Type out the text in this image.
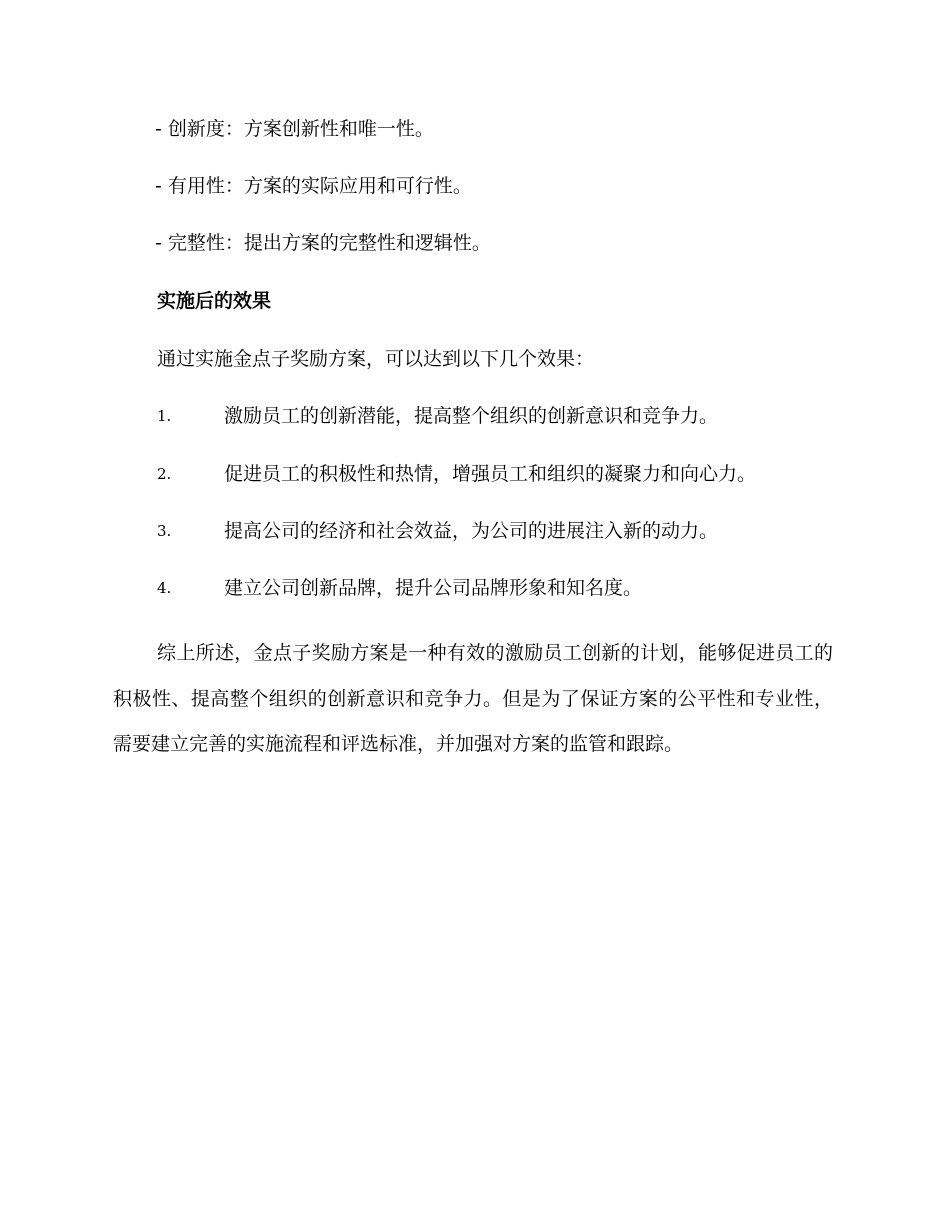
- 创新度：方案创新性和唯一性。
- 有用性：方案的实际应用和可行性。
- 完整性：提出方案的完整性和逻辑性。
实施后的效果
通过实施金点子奖励方案，可以达到以下几个效果：
1.	激励员工的创新潜能，提高整个组织的创新意识和竞争力。
2.	促进员工的积极性和热情，增强员工和组织的凝聚力和向心力。
3.	提高公司的经济和社会效益，为公司的进展注入新的动力。
4.	建立公司创新品牌，提升公司品牌形象和知名度。

综上所述，金点子奖励方案是一种有效的激励员工创新的计划，能够促进员工的积极性、提高整个组织的创新意识和竞争力。但是为了保证方案的公平性和专业性，需要建立完善的实施流程和评选标准，并加强对方案的监管和跟踪。
